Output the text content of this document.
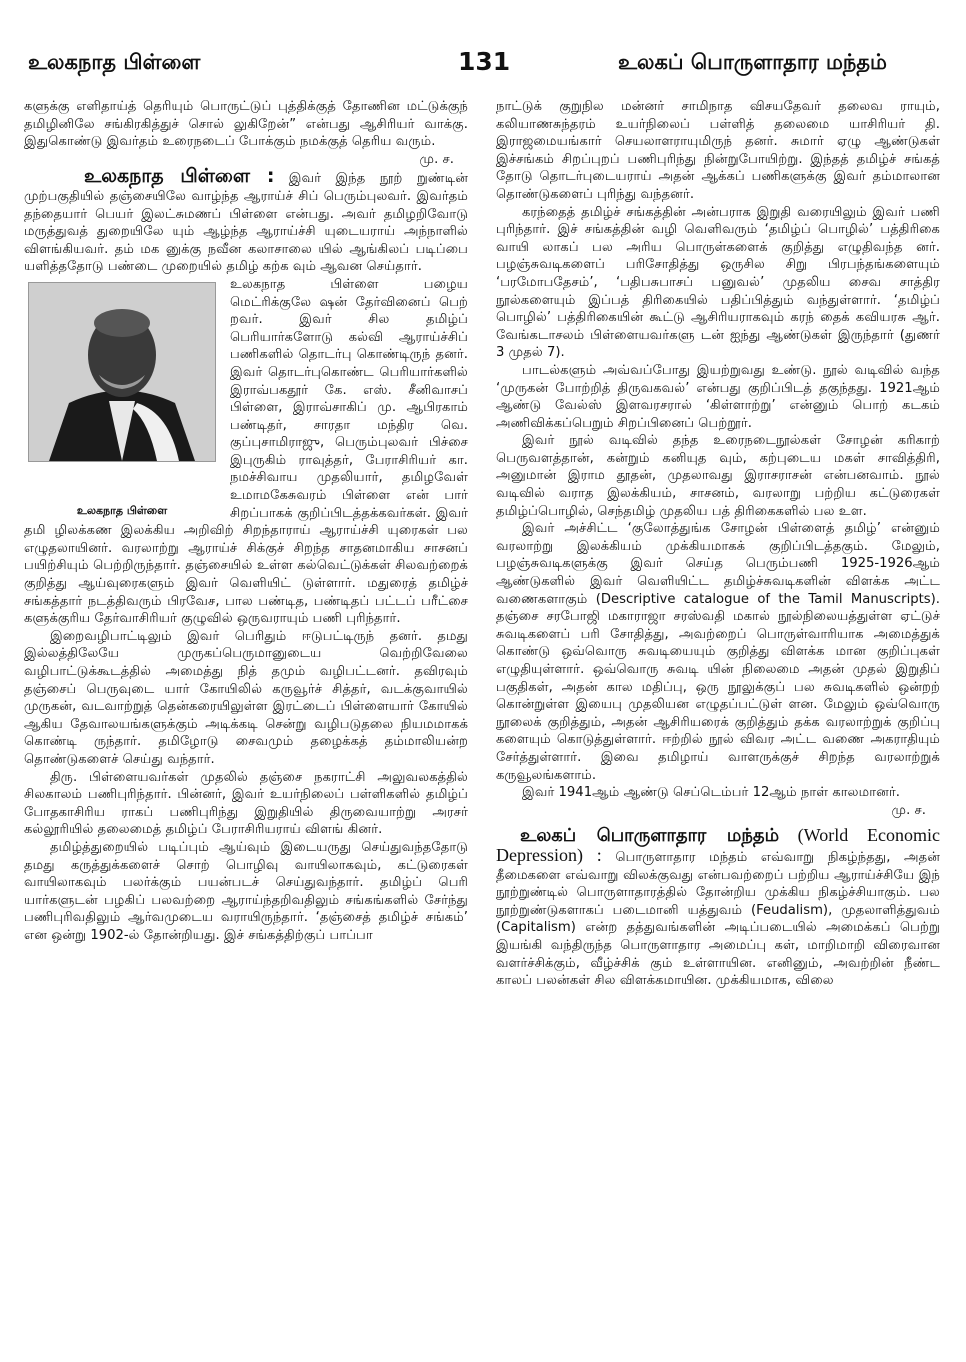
உலகநாத பிள்ளை	131	உலகப் பொருளாதார மந்தம்

களுக்கு எளிதாய்த் தெரியும் பொருட்டுப் புத்திக்குத் தோணின மட்டுக்குந் தமிழினிலே சங்கிரகித்துச் சொல் லுகிறேன்” என்பது ஆசிரியர் வாக்கு. இதுகொண்டு இவர்தம் உரைநடைப் போக்கும் நமக்குத் தெரிய வரும்.

மு. ச.

உலகநாத பிள்ளை : இவர் இந்த நூற் றுண்டின் முற்பகுதியில் தஞ்சையிலே வாழ்ந்த ஆராய்ச் சிப் பெரும்புலவர். இவர்தம் தந்தையார் பெயர் இலட்சுமணப் பிள்ளை என்பது. அவர் தமிழறிவோடு மருத்துவத் துறையிலே யும் ஆழ்ந்த ஆராய்ச்சி யுடையராய் அந்நாளில் விளங்கியவர். தம் மக னுக்கு நவீன கலாசாலை யில் ஆங்கிலப் படிப்பை யளித்ததோடு பண்டை முறையில் தமிழ் கற்க வும் ஆவன செய்தார்.

உலகநாத பிள்ளை

உலகநாத பிள்ளை பழைய மெட்ரிக்குலே ஷன் தேர்வினைப் பெற் றவர். இவர் சில தமிழ்ப் பெரியார்களோடு கல்வி ஆராய்ச்சிப் பணிகளில் தொடர்பு கொண்டிருந் தனர். இவர் தொடர்புகொண்ட பெரியார்களில் இராவ்பகதூர் கே. எஸ். சீனிவாசப் பிள்ளை, இராவ்சாகிப் மு. ஆபிரகாம் பண்டிதர், சாரதா மந்திர வெ. குப்புசாமிராஜு, பெரும்புலவர் பிச்சை இபுருகிம் ராவுத்தர், பேராசிரியர் கா. நமச்சிவாய முதலியார், தமிழவேள் உமாமகேசுவரம் பிள்ளை என் பார் சிறப்பாகக் குறிப்பிடத்தக்கவர்கள். இவர் தமி ழிலக்கண இலக்கிய அறிவிற் சிறந்தாராய் ஆராய்ச்சி யுரைகள் பல எழுதலாயினர். வரலாற்று ஆராய்ச் சிக்குச் சிறந்த சாதனமாகிய சாசனப் பயிற்சியும் பெற்றிருந்தார். தஞ்சையில் உள்ள கல்வெட்டுக்கள் சிலவற்றைக் குறித்து ஆய்வுரைகளும் இவர் வெளியிட் டுள்ளார். மதுரைத் தமிழ்ச் சங்கத்தார் நடத்திவரும் பிரவேச, பால பண்டித, பண்டிதப் பட்டப் பரீட்சை களுக்குரிய தேர்வாசிரியர் குழுவில் ஒருவராயும் பணி புரிந்தார்.

இறைவழிபாட்டிலும் இவர் பெரிதும் ஈடுபட்டிருந் தனர். தமது இல்லத்திலேயே முருகப்பெருமானுடைய வெற்றிவேலை வழிபாட்டுக்கூடத்தில் அமைத்து நித் தமும் வழிபட்டனர். தவிரவும் தஞ்சைப் பெருவுடை யார் கோயிலில் கருவூர்ச் சித்தர், வடக்குவாயில் முருகன், வடவாற்றுத் தென்கரையிலுள்ள இரட்டைப் பிள்ளையார் கோயில் ஆகிய தேவாலயங்களுக்கும் அடிக்கடி சென்று வழிபடுதலை நியமமாகக் கொண்டி ருந்தார். தமிழோடு சைவமும் தழைக்கத் தம்மாலியன்ற தொண்டுகளைச் செய்து வந்தார்.

திரு. பிள்ளையவர்கள் முதலில் தஞ்சை நகராட்சி அலுவலகத்தில் சிலகாலம் பணிபுரிந்தார். பின்னர், இவர் உயர்நிலைப் பள்ளிகளில் தமிழ்ப் போதகாசிரிய ராகப் பணிபுரிந்து இறுதியில் திருவையாற்று அரசர் கல்லூரியில் தலைமைத் தமிழ்ப் பேராசிரியராய் விளங் கினர்.

தமிழ்த்துறையில் படிப்பும் ஆய்வும் இடையருது செய்துவந்ததோடு தமது கருத்துக்களைச் சொற் பொழிவு வாயிலாகவும், கட்டுரைகள் வாயிலாகவும் பலர்க்கும் பயன்படச் செய்துவந்தார். தமிழ்ப் பெரி யார்களுடன் பழகிப் பலவற்றை ஆராய்ந்தறிவதிலும் சங்கங்களில் சேர்ந்து பணிபுரிவதிலும் ஆர்வமுடைய வராயிருந்தார். ‘தஞ்சைத் தமிழ்ச் சங்கம்’ என ஒன்று 1902-ல் தோன்றியது. இச் சங்கத்திற்குப் பாப்பா

நாட்டுக் குறுநில மன்னர் சாமிநாத விசயதேவர் தலைவ ராயும், கலியாணசுந்தரம் உயர்நிலைப் பள்ளித் தலைமை யாசிரியர் தி. இராஜமையங்கார் செயலாளராயுமிருந் தனர். சுமார் ஏழு ஆண்டுகள் இச்சங்கம் சிறப்புறப் பணிபுரிந்து நின்றுபோயிற்று. இந்தத் தமிழ்ச் சங்கத் தோடு தொடர்புடையராய் அதன் ஆக்கப் பணிகளுக்கு இவர் தம்மாலான தொண்டுகளைப் புரிந்து வந்தனர்.

கரந்தைத் தமிழ்ச் சங்கத்தின் அன்பராக இறுதி வரையிலும் இவர் பணி புரிந்தார். இச் சங்கத்தின் வழி வெளிவரும் ‘தமிழ்ப் பொழில்’ பத்திரிகை வாயி லாகப் பல அரிய பொருள்களைக் குறித்து எழுதிவந்த னர். பழஞ்சுவடிகளைப் பரிசோதித்து ஒருசில சிறு பிரபந்தங்களையும் ‘பரமோபதேசம்’, ‘பதிபசுபாசப் பனுவல்’ முதலிய சைவ சாத்திர நூல்களையும் இப்பத் திரிகையில் பதிப்பித்தும் வந்துள்ளார். ‘தமிழ்ப் பொழில்’ பத்திரிகையின் கூட்டு ஆசிரியராகவும் கரந் தைக் கவியரசு ஆர். வேங்கடாசலம் பிள்ளையவர்களு டன் ஐந்து ஆண்டுகள் இருந்தார் (துணர் 3 முதல் 7).

பாடல்களும் அவ்வப்போது இயற்றுவது உண்டு. நூல் வடிவில் வந்த ‘முருகன் போற்றித் திருவகவல்’ என்பது குறிப்பிடத் தகுந்தது. 1921ஆம் ஆண்டு வேல்ஸ் இளவரசரால் ‘கிள்ளாற்று’ என்னும் பொற் கடகம் அணிவிக்கப்பெறும் சிறப்பினைப் பெற்றூர்.

இவர் நூல் வடிவில் தந்த உரைநடைநூல்கள் சோழன் கரிகாற் பெருவளத்தான், கன்றும் கனியுத வும், கற்புடைய மகள் சாவித்திரி, அனுமான் இராம தூதன், முதலாவது இராசராசன் என்பனவாம். நூல் வடிவில் வராத இலக்கியம், சாசனம், வரலாறு பற்றிய கட்டுரைகள் தமிழ்ப்பொழில், செந்தமிழ் முதலிய பத் திரிகைகளில் பல உள.

இவர் அச்சிட்ட ‘குலோத்துங்க சோழன் பிள்ளைத் தமிழ்’ என்னும் வரலாற்று இலக்கியம் முக்கியமாகக் குறிப்பிடத்தகும். மேலும், பழஞ்சுவடிகளுக்கு இவர் செய்த பெரும்பணி 1925-1926ஆம் ஆண்டுகளில் இவர் வெளியிட்ட தமிழ்ச்சுவடிகளின் விளக்க அட்ட வணைகளாகும் (Descriptive catalogue of the Tamil Manuscripts). தஞ்சை சரபோஜி மகாராஜா சரஸ்வதி மகால் நூல்நிலையத்துள்ள ஏட்டுச் சுவடிகளைப் பரி சோதித்து, அவற்றைப் பொருள்வாரியாக அமைத்துக் கொண்டு ஒவ்வொரு சுவடியையும் குறித்து விளக்க மான குறிப்புகள் எழுதியுள்ளார். ஒவ்வொரு சுவடி யின் நிலைமை அதன் முதல் இறுதிப் பகுதிகள், அதன் கால மதிப்பு, ஒரு நூலுக்குப் பல சுவடிகளில் ஒன்றற் கொன்றுள்ள இயைபு முதலியன எழுதப்பட்டுள் ளன. மேலும் ஒவ்வொரு நூலைக் குறித்தும், அதன் ஆசிரியரைக் குறித்தும் தக்க வரலாற்றுக் குறிப்பு களையும் கொடுத்துள்ளார். ஈற்றில் நூல் விவர அட்ட வணை அகராதியும் சேர்த்துள்ளார். இவை தமிழாய் வாளருக்குச் சிறந்த வரலாற்றுக் கருவூலங்களாம்.

இவர் 1941ஆம் ஆண்டு செப்டெம்பர் 12ஆம் நாள் காலமானர்.

மு. ச.

உலகப் பொருளாதார மந்தம் (World Economic Depression) : பொருளாதார மந்தம் எவ்வாறு நிகழ்ந்தது, அதன் தீமைகளை எவ்வாறு விலக்குவது என்பவற்றைப் பற்றிய ஆராய்ச்சியே இந் நூற்றுண்டில் பொருளாதாரத்தில் தோன்றிய முக்கிய நிகழ்ச்சியாகும். பல நூற்றுண்டுகளாகப் படைமானி யத்துவம் (Feudalism), முதலாளித்துவம் (Capitalism) என்ற தத்துவங்களின் அடிப்படையில் அமைக்கப் பெற்று இயங்கி வந்திருந்த பொருளாதார அமைப்பு கள், மாறிமாறி விரைவான வளர்ச்சிக்கும், வீழ்ச்சிக் கும் உள்ளாயின. எனினும், அவற்றின் நீண்ட காலப் பலன்கள் சில விளக்கமாயின. முக்கியமாக, விலை
